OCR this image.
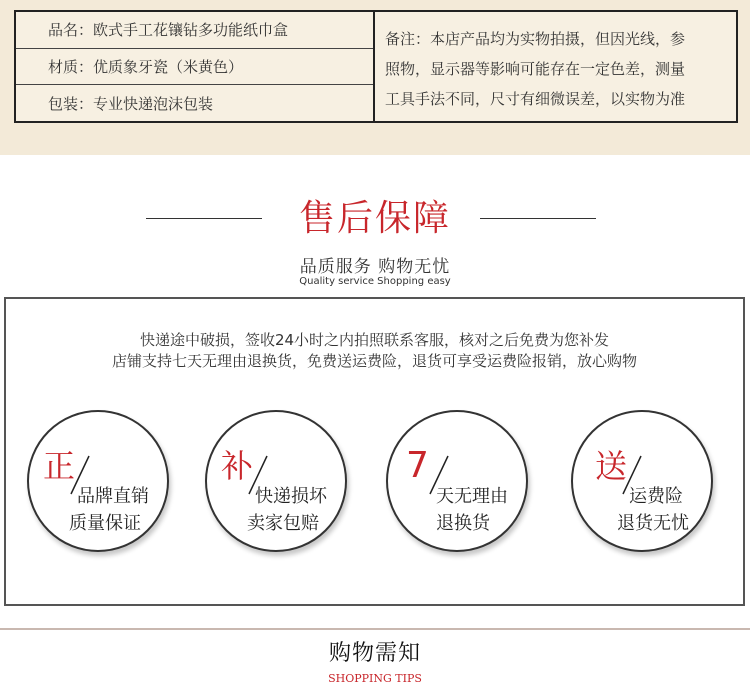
品名：欧式手工花镶钻多功能纸巾盒
材质：优质象牙瓷（米黄色）
包装：专业快递泡沫包装
备注：本店产品均为实物拍摄，但因光线，参
照物，显示器等影响可能存在一定色差，测量
工具手法不同，尺寸有细微误差，以实物为准
售后保障
品质服务 购物无忧
Quality service Shopping easy
快递途中破损，签收24小时之内拍照联系客服，核对之后免费为您补发
店铺支持七天无理由退换货，免费送运费险，退货可享受运费险报销，放心购物
正
品牌直销
质量保证
补
快递损坏
卖家包赔
7
天无理由
退换货
送
运费险
退货无忧
购物需知
SHOPPING TIPS
